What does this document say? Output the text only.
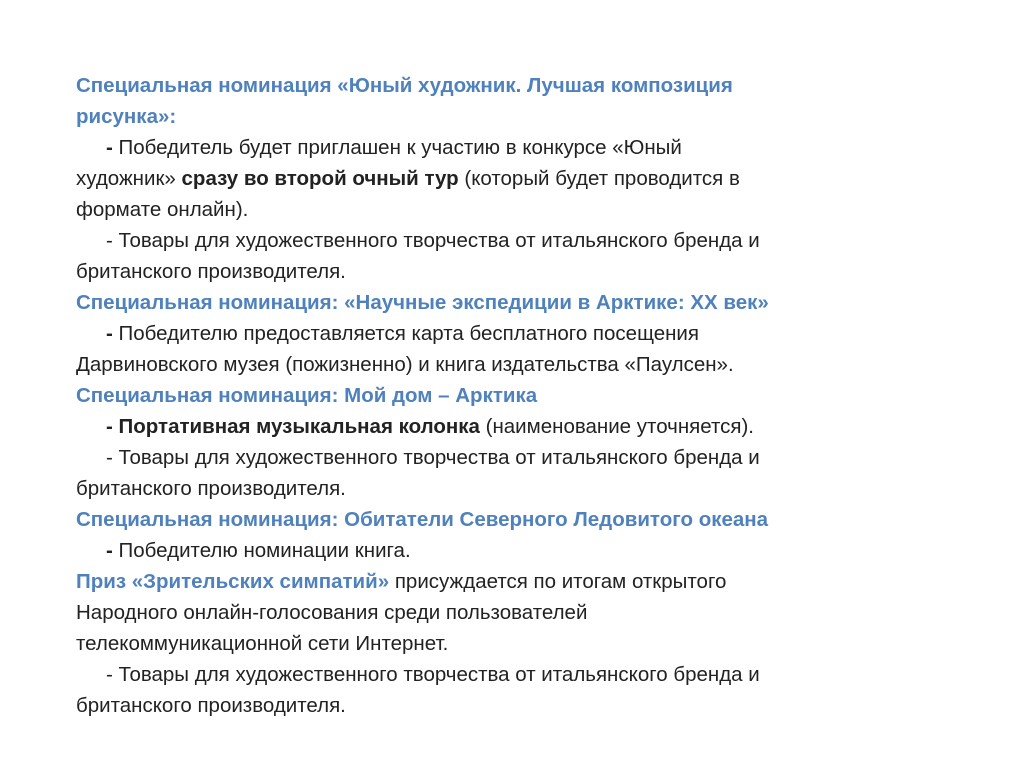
Специальная номинация «Юный художник. Лучшая композиция
рисунка»:
- Победитель будет приглашен к участию в конкурсе «Юный
художник» сразу во второй очный тур (который будет проводится в
формате онлайн).
- Товары для художественного творчества от итальянского бренда и
британского производителя.
Специальная номинация: «Научные экспедиции в Арктике: XX век»
- Победителю предоставляется карта бесплатного посещения
Дарвиновского музея (пожизненно) и книга издательства «Паулсен».
Специальная номинация: Мой дом – Арктика
- Портативная музыкальная колонка (наименование уточняется).
- Товары для художественного творчества от итальянского бренда и
британского производителя.
Специальная номинация: Обитатели Северного Ледовитого океана
- Победителю номинации книга.
Приз «Зрительских симпатий» присуждается по итогам открытого
Народного онлайн-голосования среди пользователей
телекоммуникационной сети Интернет.
- Товары для художественного творчества от итальянского бренда и
британского производителя.
